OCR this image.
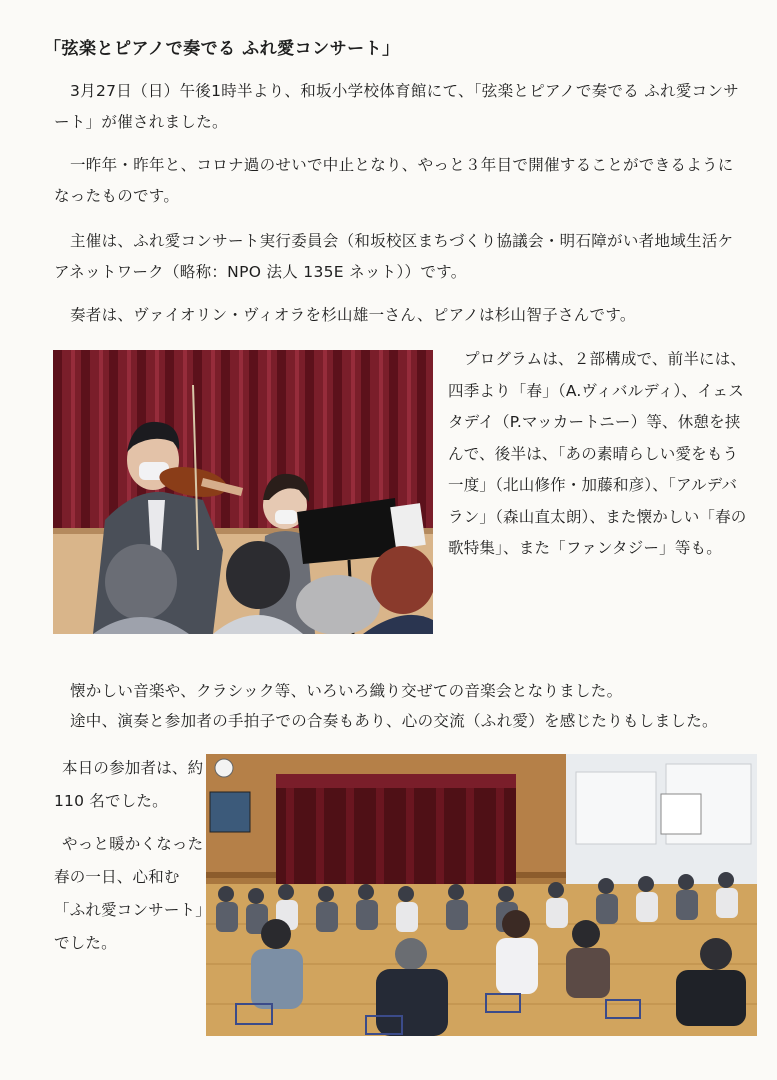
「弦楽とピアノで奏でる ふれ愛コンサート」

3月27日（日）午後1時半より、和坂小学校体育館にて、「弦楽とピアノで奏でる ふれ愛コンサート」が催されました。

一昨年・昨年と、コロナ過のせいで中止となり、やっと３年目で開催することができるようになったものです。

主催は、ふれ愛コンサート実行委員会（和坂校区まちづくり協議会・明石障がい者地域生活ケアネットワーク（略称：NPO 法人 135E ネット））です。

奏者は、ヴァイオリン・ヴィオラを杉山雄一さん、ピアノは杉山智子さんです。

プログラムは、２部構成で、前半には、四季より「春」（A.ヴィバルディ）、イェスタデイ（P.マッカートニー）等、休憩を挟んで、後半は、「あの素晴らしい愛をもう一度」（北山修作・加藤和彦）、「アルデバラン」（森山直太朗）、また懐かしい「春の歌特集」、また「ファンタジー」等も。

懐かしい音楽や、クラシック等、いろいろ織り交ぜての音楽会となりました。

途中、演奏と参加者の手拍子での合奏もあり、心の交流（ふれ愛）を感じたりもしました。

本日の参加者は、約 110 名でした。

やっと暖かくなった春の一日、心和む「ふれ愛コンサート」でした。
